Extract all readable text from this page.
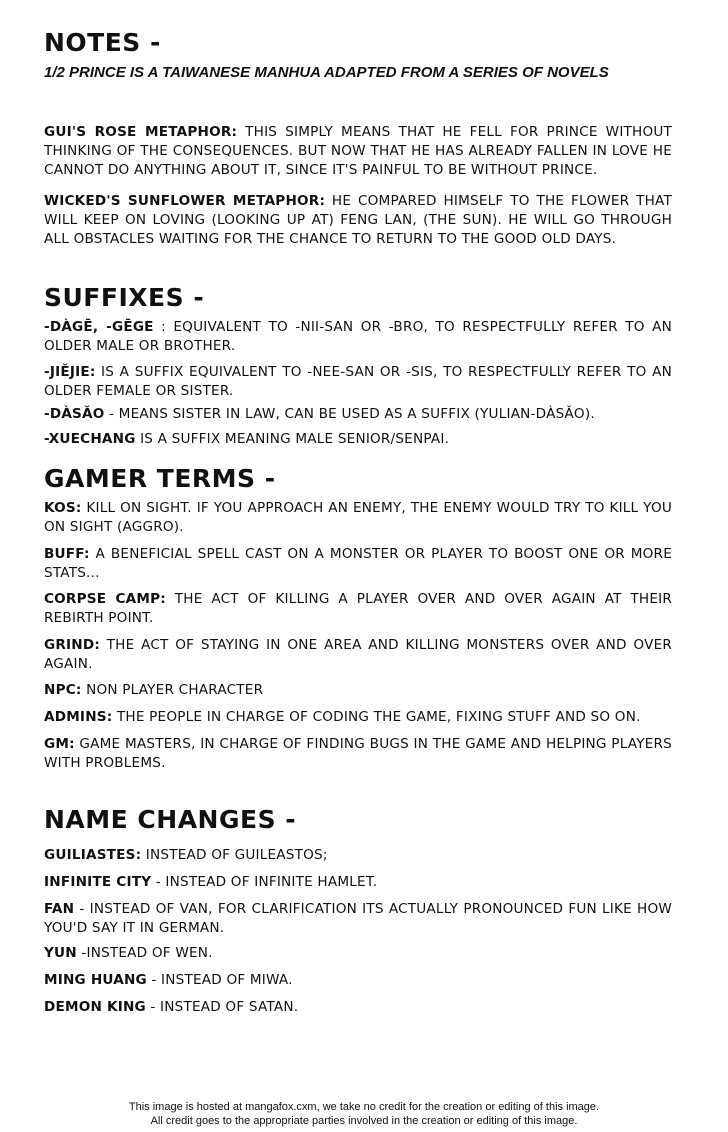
NOTES -

1/2 PRINCE IS A TAIWANESE MANHUA ADAPTED FROM A SERIES OF NOVELS

GUI'S ROSE METAPHOR: THIS SIMPLY MEANS THAT HE FELL FOR PRINCE WITHOUT THINKING OF THE CONSEQUENCES. BUT NOW THAT HE HAS ALREADY FALLEN IN LOVE HE CANNOT DO ANYTHING ABOUT IT, SINCE IT'S PAINFUL TO BE WITHOUT PRINCE.

WICKED'S SUNFLOWER METAPHOR: HE COMPARED HIMSELF TO THE FLOWER THAT WILL KEEP ON LOVING (LOOKING UP AT) FENG LAN, (THE SUN). HE WILL GO THROUGH ALL OBSTACLES WAITING FOR THE CHANCE TO RETURN TO THE GOOD OLD DAYS.

SUFFIXES -

-DÀGĒ, -GĒGE : EQUIVALENT TO -NII-SAN OR -BRO, TO RESPECTFULLY REFER TO AN OLDER MALE OR BROTHER.

-JIĚJIE: IS A SUFFIX EQUIVALENT TO -NEE-SAN OR -SIS, TO RESPECTFULLY REFER TO AN OLDER FEMALE OR SISTER.

-DÀSǍO - MEANS SISTER IN LAW, CAN BE USED AS A SUFFIX (YULIAN-DÀSǍO).

-XUECHANG IS A SUFFIX MEANING MALE SENIOR/SENPAI.

GAMER TERMS -

KOS: KILL ON SIGHT. IF YOU APPROACH AN ENEMY, THE ENEMY WOULD TRY TO KILL YOU ON SIGHT (AGGRO).

BUFF: A BENEFICIAL SPELL CAST ON A MONSTER OR PLAYER TO BOOST ONE OR MORE STATS...

CORPSE CAMP: THE ACT OF KILLING A PLAYER OVER AND OVER AGAIN AT THEIR REBIRTH POINT.

GRIND: THE ACT OF STAYING IN ONE AREA AND KILLING MONSTERS OVER AND OVER AGAIN.

NPC: NON PLAYER CHARACTER

ADMINS: THE PEOPLE IN CHARGE OF CODING THE GAME, FIXING STUFF AND SO ON.

GM: GAME MASTERS, IN CHARGE OF FINDING BUGS IN THE GAME AND HELPING PLAYERS WITH PROBLEMS.

NAME CHANGES -

GUILIASTES: INSTEAD OF GUILEASTOS;

INFINITE CITY - INSTEAD OF INFINITE HAMLET.

FAN - INSTEAD OF VAN, FOR CLARIFICATION ITS ACTUALLY PRONOUNCED FUN LIKE HOW YOU'D SAY IT IN GERMAN.

YUN -INSTEAD OF WEN.

MING HUANG - INSTEAD OF MIWA.

DEMON KING - INSTEAD OF SATAN.

This image is hosted at mangafox.cxm, we take no credit for the creation or editing of this image.

All credit goes to the appropriate parties involved in the creation or editing of this image.
